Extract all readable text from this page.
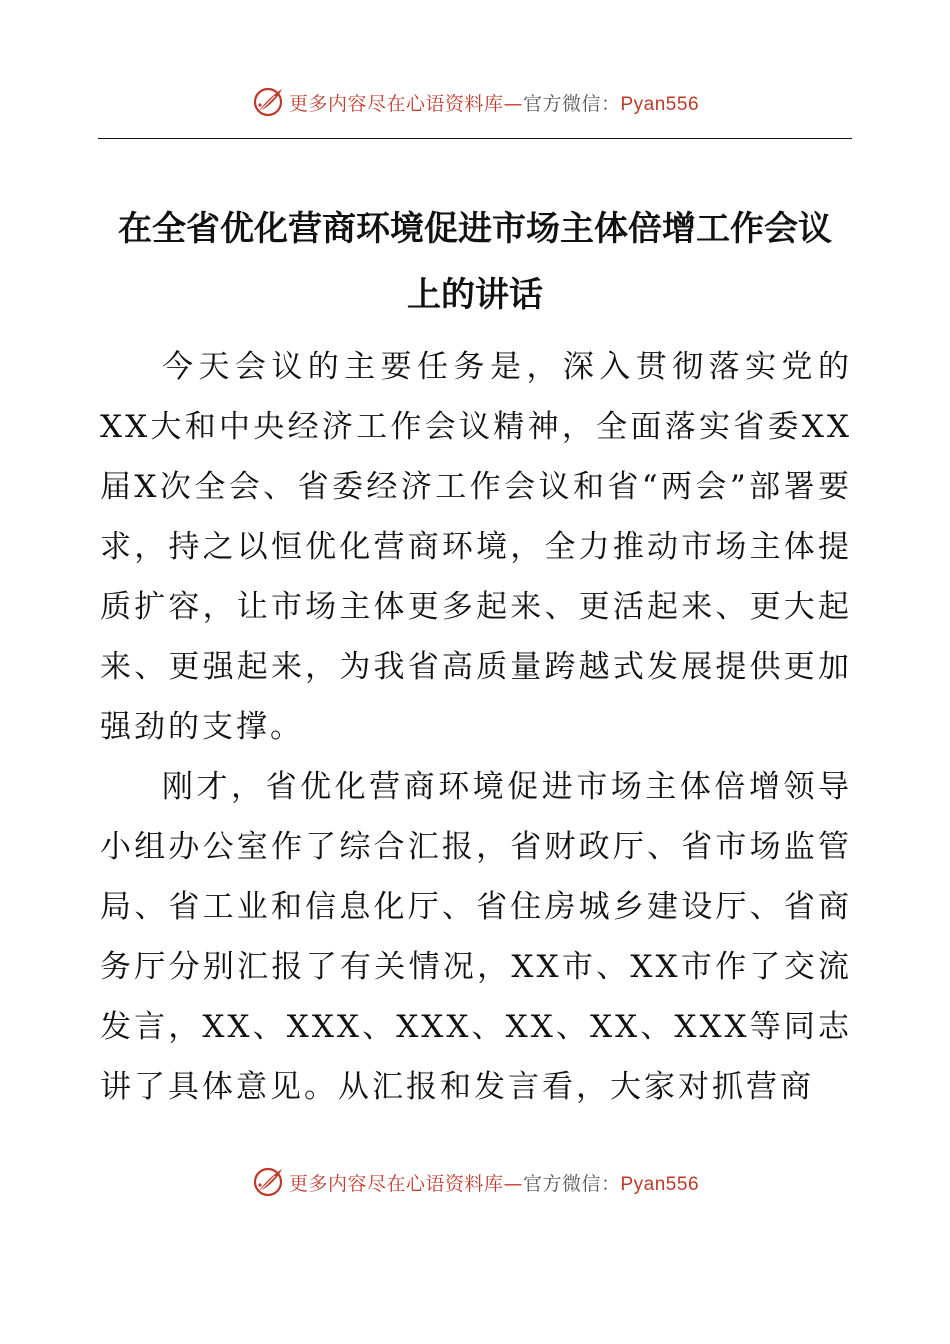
更多内容尽在心语资料库—官方微信：Pyan556
在全省优化营商环境促进市场主体倍增工作会议
上的讲话

今天会议的主要任务是，深入贯彻落实党的XX大和中央经济工作会议精神，全面落实省委XX届X次全会、省委经济工作会议和省“两会”部署要求，持之以恒优化营商环境，全力推动市场主体提质扩容，让市场主体更多起来、更活起来、更大起来、更强起来，为我省高质量跨越式发展提供更加强劲的支撑。

刚才，省优化营商环境促进市场主体倍增领导小组办公室作了综合汇报，省财政厅、省市场监管局、省工业和信息化厅、省住房城乡建设厅、省商务厅分别汇报了有关情况，XX市、XX市作了交流发言，XX、XXX、XXX、XX、XX、XXX等同志讲了具体意见。从汇报和发言看，大家对抓营商

更多内容尽在心语资料库—官方微信：Pyan556
